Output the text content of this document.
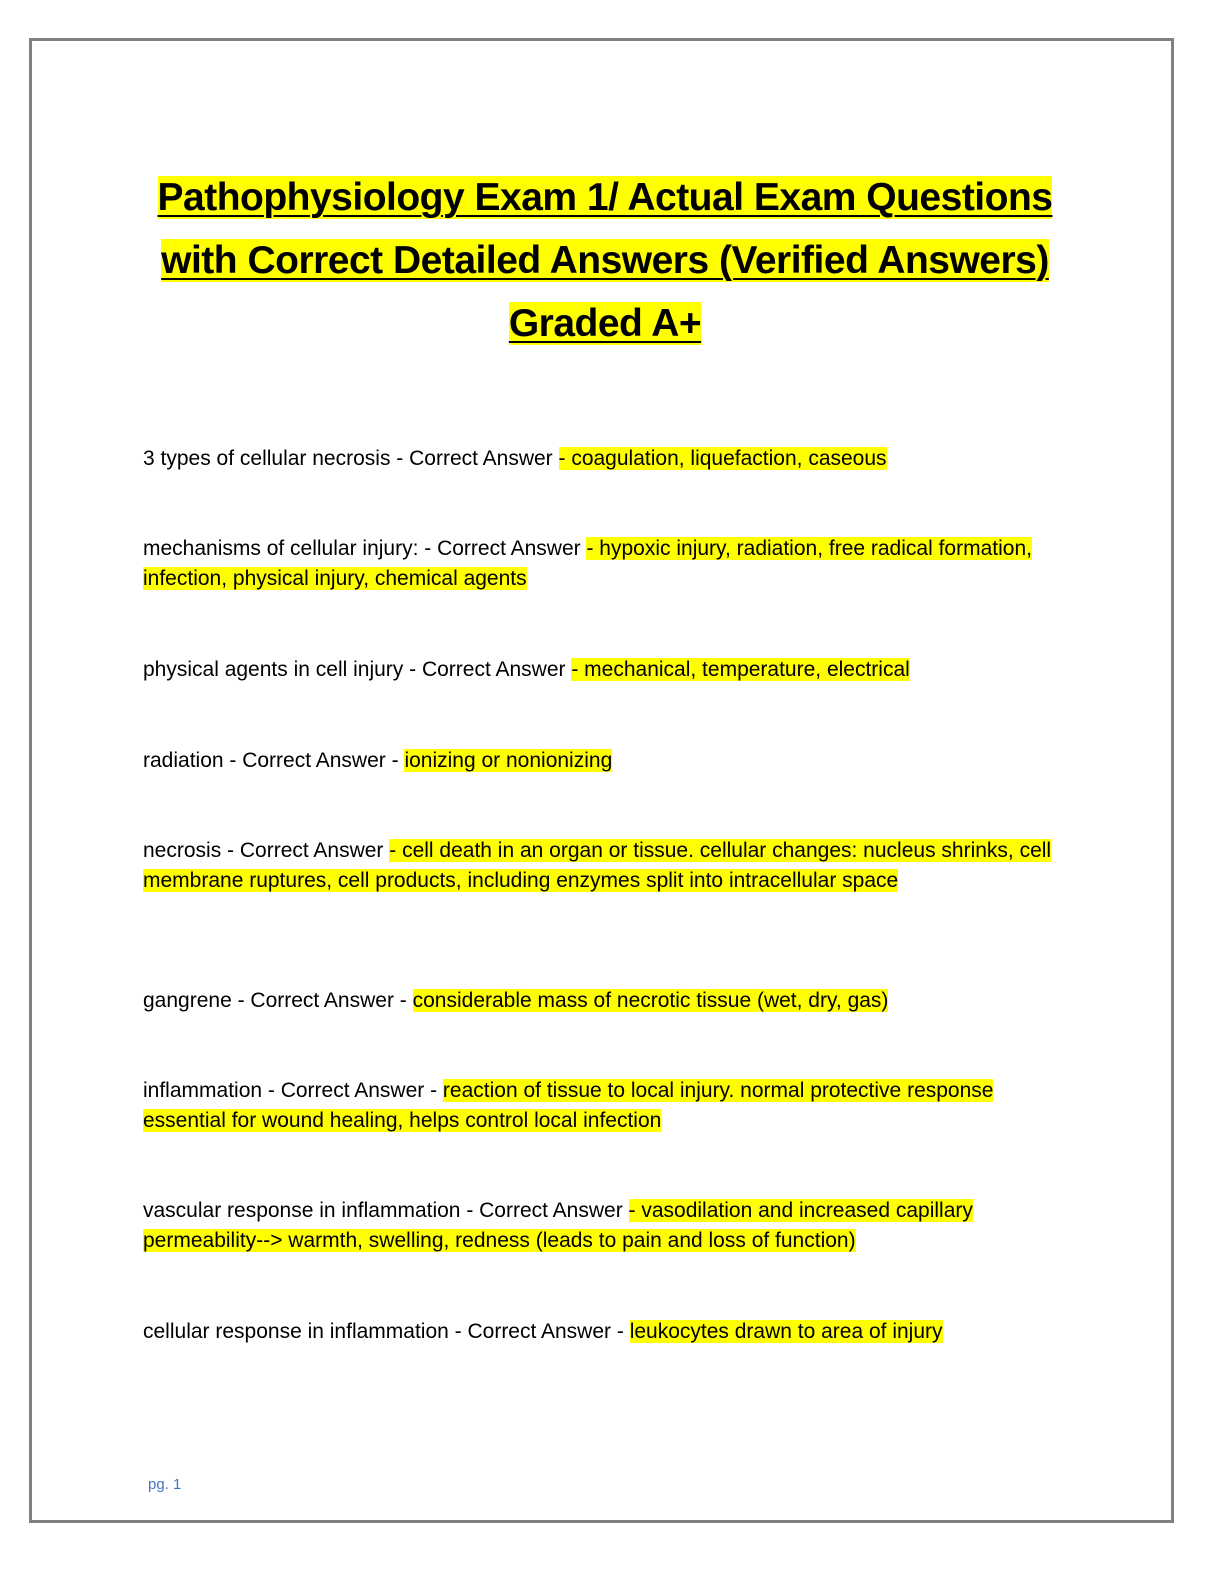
Pathophysiology Exam 1/ Actual Exam Questions with Correct Detailed Answers (Verified Answers) Graded A+
3 types of cellular necrosis - Correct Answer - coagulation, liquefaction, caseous
mechanisms of cellular injury: - Correct Answer - hypoxic injury, radiation, free radical formation, infection, physical injury, chemical agents
physical agents in cell injury - Correct Answer - mechanical, temperature, electrical
radiation - Correct Answer - ionizing or nonionizing
necrosis - Correct Answer - cell death in an organ or tissue. cellular changes: nucleus shrinks, cell membrane ruptures, cell products, including enzymes split into intracellular space
gangrene - Correct Answer - considerable mass of necrotic tissue (wet, dry, gas)
inflammation - Correct Answer - reaction of tissue to local injury. normal protective response essential for wound healing, helps control local infection
vascular response in inflammation - Correct Answer - vasodilation and increased capillary permeability--> warmth, swelling, redness (leads to pain and loss of function)
cellular response in inflammation - Correct Answer - leukocytes drawn to area of injury
pg. 1
